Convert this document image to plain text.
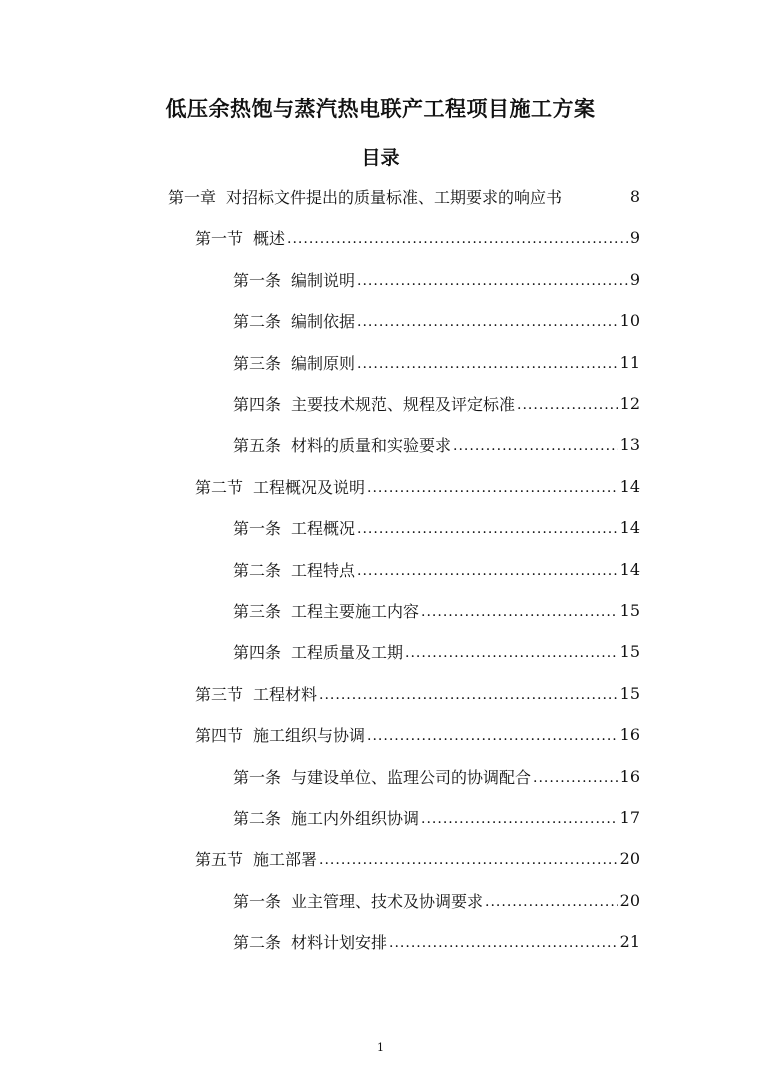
低压余热饱与蒸汽热电联产工程项目施工方案
目录
第一章 对招标文件提出的质量标准、工期要求的响应书	8
第一节 概述 .....	9
第一条 编制说明 .....	9
第二条 编制依据 .....	10
第三条 编制原则 .....	11
第四条 主要技术规范、规程及评定标准 .....	12
第五条 材料的质量和实验要求 .....	13
第二节 工程概况及说明 .....	14
第一条 工程概况 .....	14
第二条 工程特点 .....	14
第三条 工程主要施工内容 .....	15
第四条 工程质量及工期 .....	15
第三节 工程材料 .....	15
第四节 施工组织与协调 .....	16
第一条 与建设单位、监理公司的协调配合 .....	16
第二条 施工内外组织协调 .....	17
第五节 施工部署 .....	20
第一条 业主管理、技术及协调要求 .....	20
第二条 材料计划安排 .....	21
1
